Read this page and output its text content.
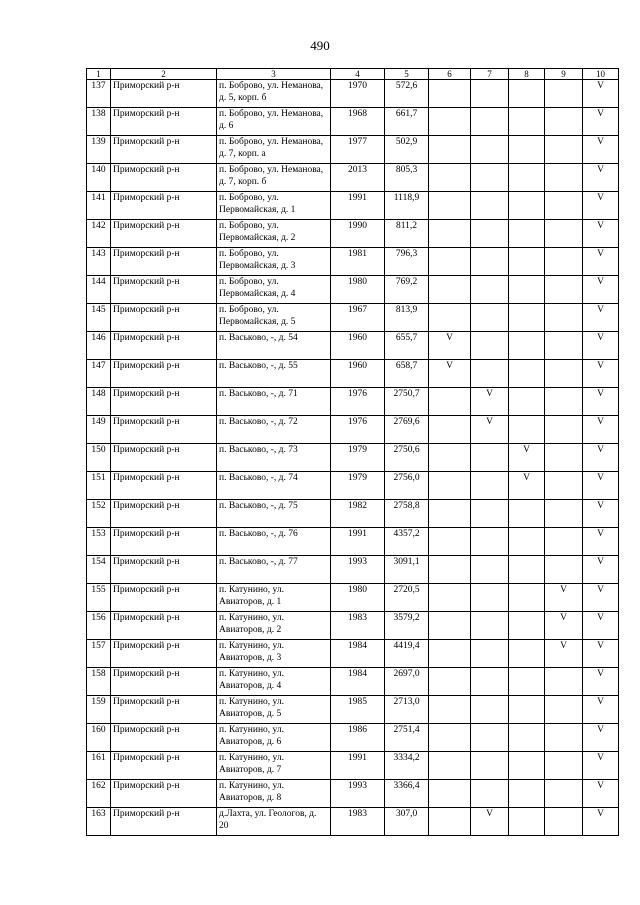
490
1	2	3	4	5	6	7	8	9	10
137	Приморский р-н	п. Боброво, ул. Неманова, д. 5, корп. б	1970	572,6					V
138	Приморский р-н	п. Боброво, ул. Неманова, д. 6	1968	661,7					V
139	Приморский р-н	п. Боброво, ул. Неманова, д. 7, корп. а	1977	502,9					V
140	Приморский р-н	п. Боброво, ул. Неманова, д. 7, корп. б	2013	805,3					V
141	Приморский р-н	п. Боброво, ул. Первомайская, д. 1	1991	1118,9					V
142	Приморский р-н	п. Боброво, ул. Первомайская, д. 2	1990	811,2					V
143	Приморский р-н	п. Боброво, ул. Первомайская, д. 3	1981	796,3					V
144	Приморский р-н	п. Боброво, ул. Первомайская, д. 4	1980	769,2					V
145	Приморский р-н	п. Боброво, ул. Первомайская, д. 5	1967	813,9					V
146	Приморский р-н	п. Васьково, -, д. 54	1960	655,7	V				V
147	Приморский р-н	п. Васьково, -, д. 55	1960	658,7	V				V
148	Приморский р-н	п. Васьково, -, д. 71	1976	2750,7		V			V
149	Приморский р-н	п. Васьково, -, д. 72	1976	2769,6		V			V
150	Приморский р-н	п. Васьково, -, д. 73	1979	2750,6			V		V
151	Приморский р-н	п. Васьково, -, д. 74	1979	2756,0			V		V
152	Приморский р-н	п. Васьково, -, д. 75	1982	2758,8					V
153	Приморский р-н	п. Васьково, -, д. 76	1991	4357,2					V
154	Приморский р-н	п. Васьково, -, д. 77	1993	3091,1					V
155	Приморский р-н	п. Катунино, ул. Авиаторов, д. 1	1980	2720,5				V	V
156	Приморский р-н	п. Катунино, ул. Авиаторов, д. 2	1983	3579,2				V	V
157	Приморский р-н	п. Катунино, ул. Авиаторов, д. 3	1984	4419,4				V	V
158	Приморский р-н	п. Катунино, ул. Авиаторов, д. 4	1984	2697,0					V
159	Приморский р-н	п. Катунино, ул. Авиаторов, д. 5	1985	2713,0					V
160	Приморский р-н	п. Катунино, ул. Авиаторов, д. 6	1986	2751,4					V
161	Приморский р-н	п. Катунино, ул. Авиаторов, д. 7	1991	3334,2					V
162	Приморский р-н	п. Катунино, ул. Авиаторов, д. 8	1993	3366,4					V
163	Приморский р-н	д.Лахта, ул. Геологов, д. 20	1983	307,0		V			V
